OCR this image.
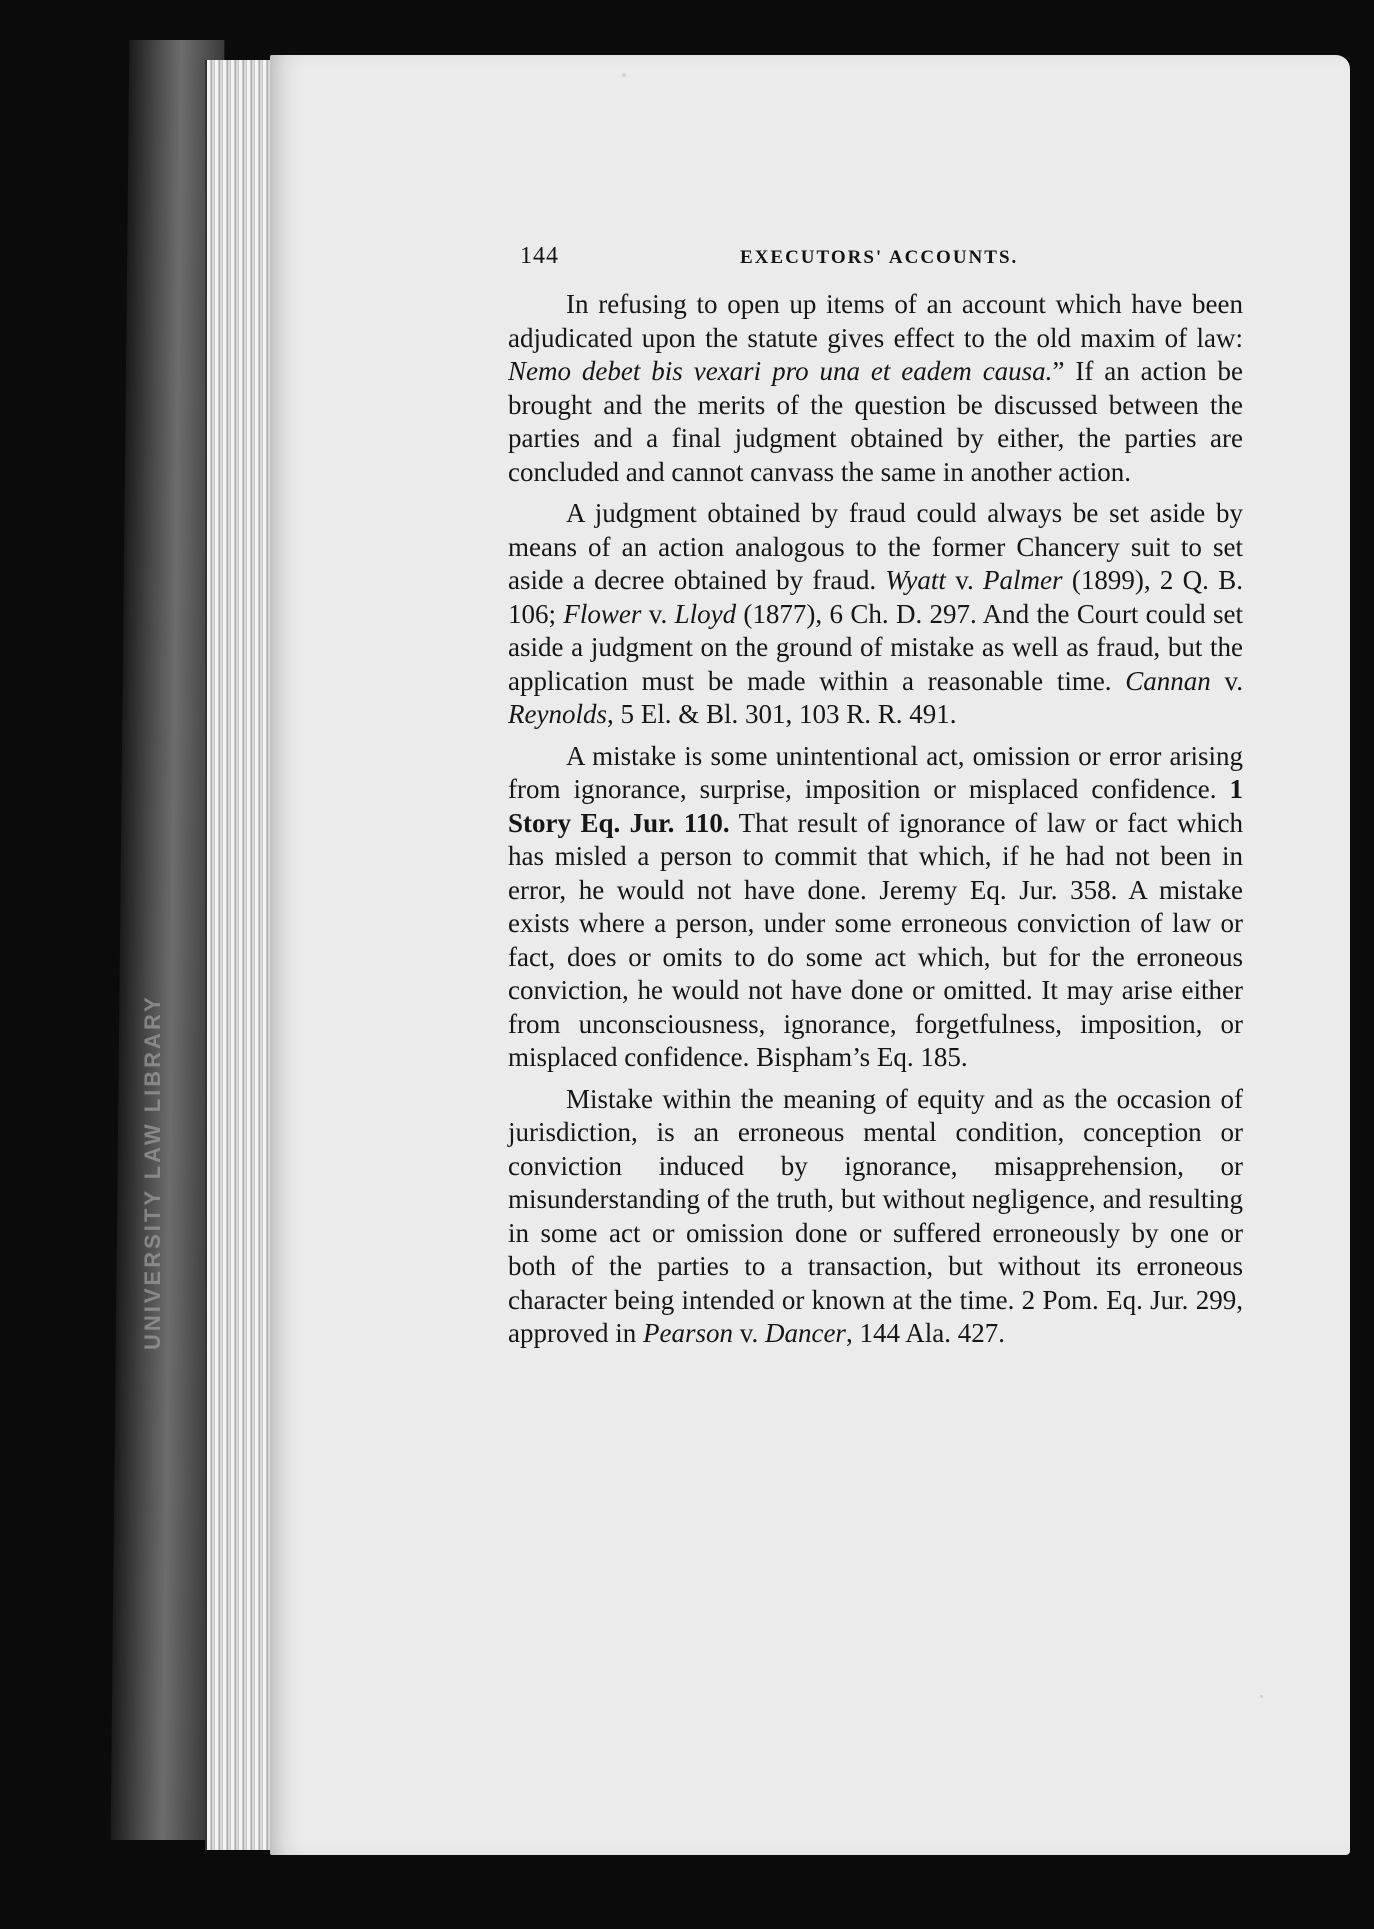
UNIVERSITY LAW LIBRARY
144	EXECUTORS' ACCOUNTS.

In refusing to open up items of an account which have been adjudicated upon the statute gives effect to the old maxim of law: Nemo debet bis vexari pro una et eadem causa.” If an action be brought and the merits of the question be discussed between the parties and a final judgment obtained by either, the parties are concluded and cannot canvass the same in another action.

A judgment obtained by fraud could always be set aside by means of an action analogous to the former Chancery suit to set aside a decree obtained by fraud. Wyatt v. Palmer (1899), 2 Q. B. 106; Flower v. Lloyd (1877), 6 Ch. D. 297. And the Court could set aside a judgment on the ground of mistake as well as fraud, but the application must be made within a reasonable time. Cannan v. Reynolds, 5 El. & Bl. 301, 103 R. R. 491.

A mistake is some unintentional act, omission or error arising from ignorance, surprise, imposition or misplaced confidence. 1 Story Eq. Jur. 110. That result of ignorance of law or fact which has misled a person to commit that which, if he had not been in error, he would not have done. Jeremy Eq. Jur. 358. A mistake exists where a person, under some erroneous conviction of law or fact, does or omits to do some act which, but for the erroneous conviction, he would not have done or omitted. It may arise either from unconsciousness, ignorance, forgetfulness, imposition, or misplaced confidence. Bispham’s Eq. 185.

Mistake within the meaning of equity and as the occasion of jurisdiction, is an erroneous mental condition, conception or conviction induced by ignorance, misapprehension, or misunderstanding of the truth, but without negligence, and resulting in some act or omission done or suffered erroneously by one or both of the parties to a transaction, but without its erroneous character being intended or known at the time. 2 Pom. Eq. Jur. 299, approved in Pearson v. Dancer, 144 Ala. 427.
